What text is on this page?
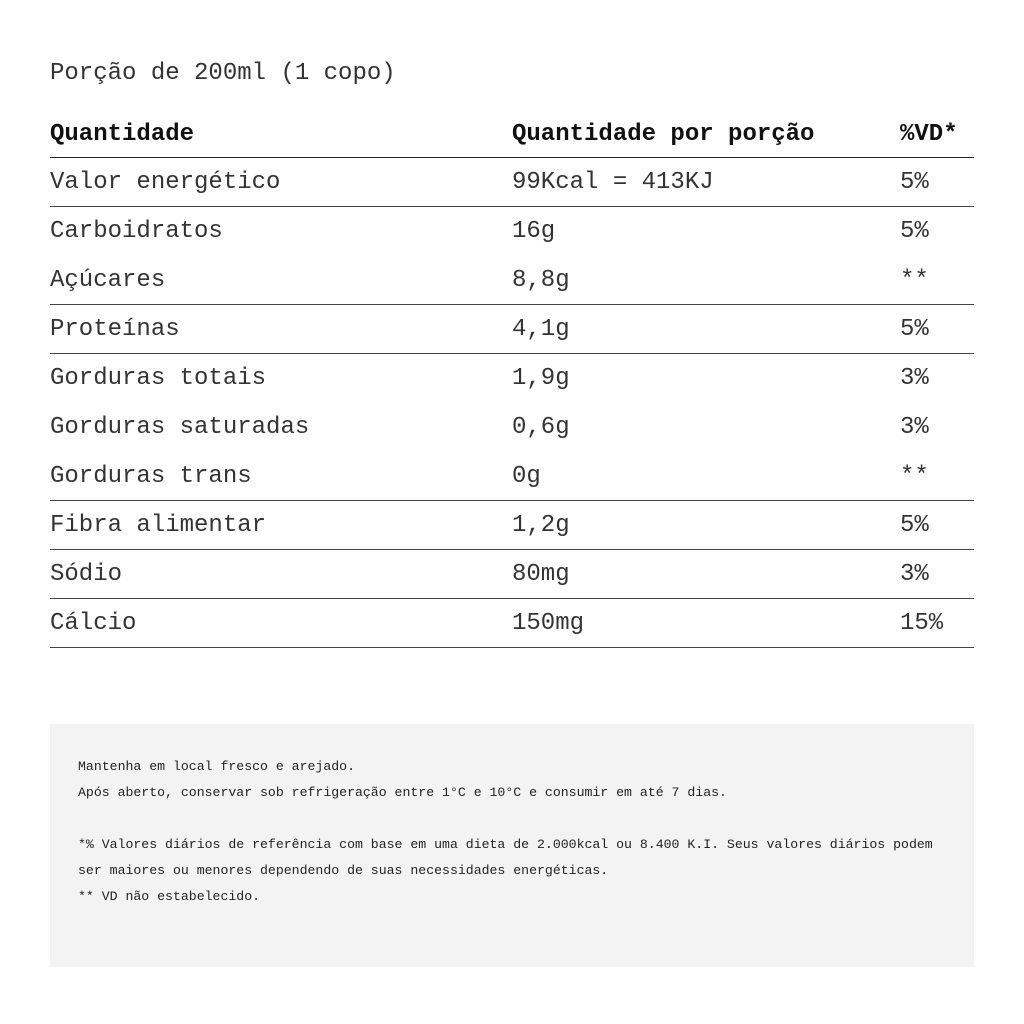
Porção de 200ml (1 copo)
Quantidade	Quantidade por porção	%VD*
Valor energético	99Kcal = 413KJ	5%
Carboidratos	16g	5%
Açúcares	8,8g	**
Proteínas	4,1g	5%
Gorduras totais	1,9g	3%
Gorduras saturadas	0,6g	3%
Gorduras trans	0g	**
Fibra alimentar	1,2g	5%
Sódio	80mg	3%
Cálcio	150mg	15%

Mantenha em local fresco e arejado.

Após aberto, conservar sob refrigeração entre 1°C e 10°C e consumir em até 7 dias.

*% Valores diários de referência com base em uma dieta de 2.000kcal ou 8.400 K.I. Seus valores diários podem ser maiores ou menores dependendo de suas necessidades energéticas.

** VD não estabelecido.
